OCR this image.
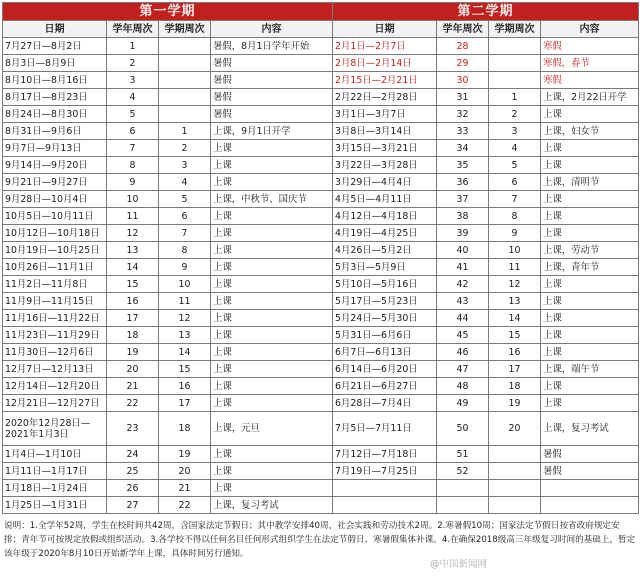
第一学期				第二学期			
日期	学年周次	学期周次	内容	日期	学年周次	学期周次	内容
7月27日—8月2日	1		暑假，8月1日学年开始	2月1日—2月7日	28		寒假
8月3日—8月9日	2		暑假	2月8日—2月14日	29		寒假，春节
8月10日—8月16日	3		暑假	2月15日—2月21日	30		寒假
8月17日—8月23日	4		暑假	2月22日—2月28日	31	1	上课，2月22日开学
8月24日—8月30日	5		暑假	3月1日—3月7日	32	2	上课
8月31日—9月6日	6	1	上课，9月1日开学	3月8日—3月14日	33	3	上课，妇女节
9月7日—9月13日	7	2	上课	3月15日—3月21日	34	4	上课
9月14日—9月20日	8	3	上课	3月22日—3月28日	35	5	上课
9月21日—9月27日	9	4	上课	3月29日—4月4日	36	6	上课，清明节
9月28日—10月4日	10	5	上课，中秋节、国庆节	4月5日—4月11日	37	7	上课
10月5日—10月11日	11	6	上课	4月12日—4月18日	38	8	上课
10月12日—10月18日	12	7	上课	4月19日—4月25日	39	9	上课
10月19日—10月25日	13	8	上课	4月26日—5月2日	40	10	上课，劳动节
10月26日—11月1日	14	9	上课	5月3日—5月9日	41	11	上课，青年节
11月2日—11月8日	15	10	上课	5月10日—5月16日	42	12	上课
11月9日—11月15日	16	11	上课	5月17日—5月23日	43	13	上课
11月16日—11月22日	17	12	上课	5月24日—5月30日	44	14	上课
11月23日—11月29日	18	13	上课	5月31日—6月6日	45	15	上课
11月30日—12月6日	19	14	上课	6月7日—6月13日	46	16	上课
12月7日—12月13日	20	15	上课	6月14日—6月20日	47	17	上课，端午节
12月14日—12月20日	21	16	上课	6月21日—6月27日	48	18	上课
12月21日—12月27日	22	17	上课	6月28日—7月4日	49	19	上课
2020年12月28日—2021年1月3日	23	18	上课，元旦	7月5日—7月11日	50	20	上课，复习考试
1月4日—1月10日	24	19	上课	7月12日—7月18日	51		暑假
1月11日—1月17日	25	20	上课	7月19日—7月25日	52		暑假
1月18日—1月24日	26	21	上课				
1月25日—1月31日	27	22	上课，复习考试				
说明：1.全学年52周，学生在校时间共42周，含国家法定节假日；其中教学安排40周，社会实践和劳动技术2周。2.寒暑假10周；国家法定节假日按省政府规定安排；青年节可按规定放假或组织活动。3.各学校不得以任何名目任何形式组织学生在法定节假日、寒暑假集体补课。4.在确保2018级高三年级复习时间的基础上，暂定该年级于2020年8月10日开始新学年上课，具体时间另行通知。
@中国新闻网
